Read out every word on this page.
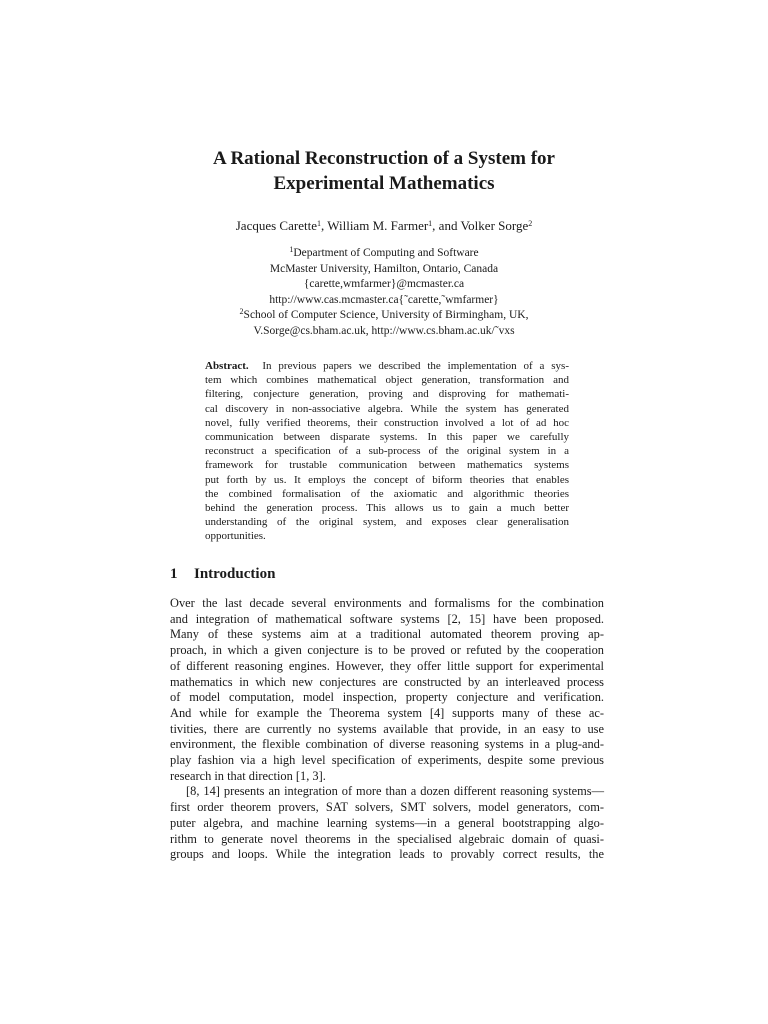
A Rational Reconstruction of a System for
Experimental Mathematics
Jacques Carette$^1$, William M. Farmer$^1$, and Volker Sorge$^2$
$^1$Department of Computing and Software
McMaster University, Hamilton, Ontario, Canada
{carette,wmfarmer}@mcmaster.ca
http://www.cas.mcmaster.ca{˜carette,˜wmfarmer}
$^2$School of Computer Science, University of Birmingham, UK,
V.Sorge@cs.bham.ac.uk, http://www.cs.bham.ac.uk/˜vxs
Abstract. In previous papers we described the implementation of a sys-
tem which combines mathematical object generation, transformation and
filtering, conjecture generation, proving and disproving for mathemati-
cal discovery in non-associative algebra. While the system has generated
novel, fully verified theorems, their construction involved a lot of ad hoc
communication between disparate systems. In this paper we carefully
reconstruct a specification of a sub-process of the original system in a
framework for trustable communication between mathematics systems
put forth by us. It employs the concept of biform theories that enables
the combined formalisation of the axiomatic and algorithmic theories
behind the generation process. This allows us to gain a much better
understanding of the original system, and exposes clear generalisation
opportunities.
1 Introduction
Over the last decade several environments and formalisms for the combination
and integration of mathematical software systems [2, 15] have been proposed.
Many of these systems aim at a traditional automated theorem proving ap-
proach, in which a given conjecture is to be proved or refuted by the cooperation
of different reasoning engines. However, they offer little support for experimental
mathematics in which new conjectures are constructed by an interleaved process
of model computation, model inspection, property conjecture and verification.
And while for example the Theorema system [4] supports many of these ac-
tivities, there are currently no systems available that provide, in an easy to use
environment, the flexible combination of diverse reasoning systems in a plug-and-
play fashion via a high level specification of experiments, despite some previous
research in that direction [1, 3].
[8, 14] presents an integration of more than a dozen different reasoning systems—
first order theorem provers, SAT solvers, SMT solvers, model generators, com-
puter algebra, and machine learning systems—in a general bootstrapping algo-
rithm to generate novel theorems in the specialised algebraic domain of quasi-
groups and loops. While the integration leads to provably correct results, the
